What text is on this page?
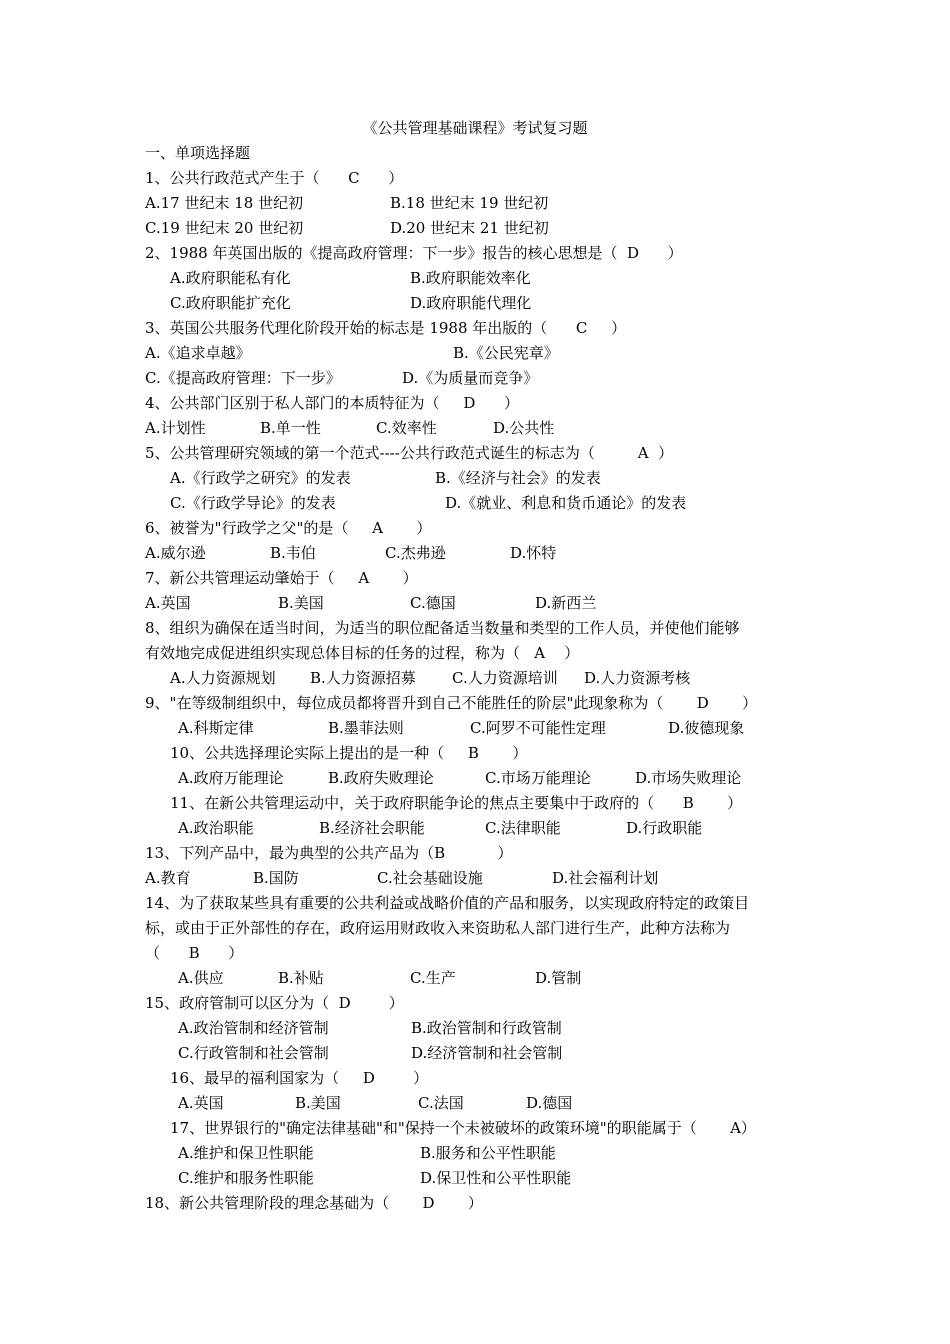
《公共管理基础课程》考试复习题
一、单项选择题
1、公共行政范式产生于（      C      ）
A.17 世纪末 18 世纪初	B.18 世纪末 19 世纪初
C.19 世纪末 20 世纪初	D.20 世纪末 21 世纪初
2、1988 年英国出版的《提高政府管理：下一步》报告的核心思想是（  D      ）
A.政府职能私有化	B.政府职能效率化
C.政府职能扩充化	D.政府职能代理化
3、英国公共服务代理化阶段开始的标志是 1988 年出版的（      C     ）
A.《追求卓越》	B.《公民宪章》
C.《提高政府管理：下一步》	D.《为质量而竞争》
4、公共部门区别于私人部门的本质特征为（     D      ）
A.计划性	B.单一性	C.效率性	D.公共性
5、公共管理研究领域的第一个范式----公共行政范式诞生的标志为（         A  ）
A.《行政学之研究》的发表	B.《经济与社会》的发表
C.《行政学导论》的发表	D.《就业、利息和货币通论》的发表
6、被誉为"行政学之父"的是（     A       ）
A.威尔逊	B.韦伯	C.杰弗逊	D.怀特
7、新公共管理运动肇始于（     A       ）
A.英国	B.美国	C.德国	D.新西兰
8、组织为确保在适当时间，为适当的职位配备适当数量和类型的工作人员，并使他们能够
有效地完成促进组织实现总体目标的任务的过程，称为（   A    ）
A.人力资源规划 B.人力资源招募 C.人力资源培训 D.人力资源考核
9、"在等级制组织中，每位成员都将晋升到自己不能胜任的阶层"此现象称为（       D       ）
A.科斯定律	B.墨菲法则	C.阿罗不可能性定理	D.彼德现象
10、公共选择理论实际上提出的是一种（     B       ）
A.政府万能理论	B.政府失败理论	C.市场万能理论	D.市场失败理论
11、在新公共管理运动中，关于政府职能争论的焦点主要集中于政府的（      B       ）
A.政治职能	B.经济社会职能	C.法律职能	D.行政职能
13、下列产品中，最为典型的公共产品为（B           ）
A.教育	B.国防	C.社会基础设施	D.社会福利计划
14、为了获取某些具有重要的公共利益或战略价值的产品和服务，以实现政府特定的政策目
标，或由于正外部性的存在，政府运用财政收入来资助私人部门进行生产，此种方法称为
（      B      ）
A.供应	B.补贴	C.生产	D.管制
15、政府管制可以区分为（  D        ）
A.政治管制和经济管制	B.政治管制和行政管制
C.行政管制和社会管制	D.经济管制和社会管制
16、最早的福利国家为（     D        ）
A.英国	B.美国	C.法国	D.德国
17、世界银行的"确定法律基础"和"保持一个未被破坏的政策环境"的职能属于（       A）
A.维护和保卫性职能	B.服务和公平性职能
C.维护和服务性职能	D.保卫性和公平性职能
18、新公共管理阶段的理念基础为（       D       ）
